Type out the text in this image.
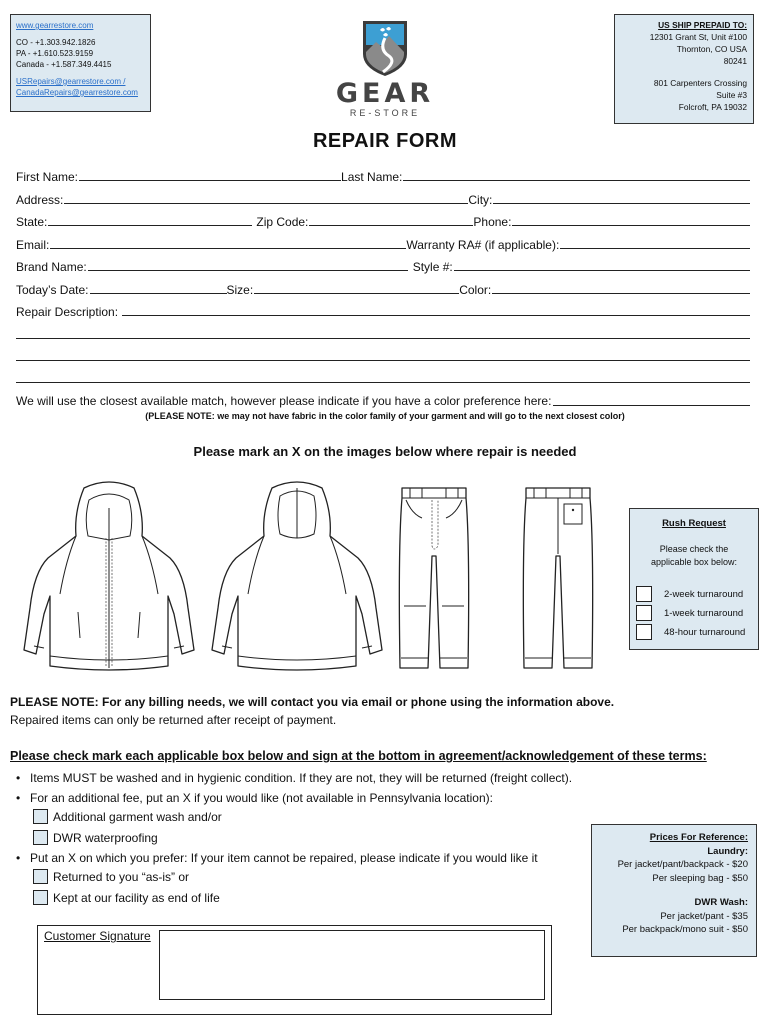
www.gearrestore.com
CO - +1.303.942.1826
PA - +1.610.523.9159
Canada - +1.587.349.4415
USRepairs@gearrestore.com /
CanadaRepairs@gearrestore.com	GEAR
RE-STORE
US SHIP PREPAID TO:
12301 Grant St, Unit #100
Thornton, CO USA
80241
801 Carpenters Crossing
Suite #3
Folcroft, PA 19032
REPAIR FORM
First Name:	Last Name:
Address:	City:
State:	Zip Code:	Phone:
Email:	Warranty RA# (if applicable):
Brand Name:	Style #:
Today’s Date:	Size:	Color:
Repair Description:
We will use the closest available match, however please indicate if you have a color preference here:
(PLEASE NOTE: we may not have fabric in the color family of your garment and will go to the next closest color)
Please mark an X on the images below where repair is needed
Rush Request
Please check the
applicable box below:
2-week turnaround
1-week turnaround
48-hour turnaround
PLEASE NOTE: For any billing needs, we will contact you via email or phone using the information above.
Repaired items can only be returned after receipt of payment.
Please check mark each applicable box below and sign at the bottom in agreement/acknowledgement of these terms:
• Items MUST be washed and in hygienic condition. If they are not, they will be returned (freight collect).
• For an additional fee, put an X if you would like (not available in Pennsylvania location):
Additional garment wash and/or
DWR waterproofing
• Put an X on which you prefer: If your item cannot be repaired, please indicate if you would like it
Returned to you “as-is” or
Kept at our facility as end of life
Prices For Reference:
Laundry:
Per jacket/pant/backpack - $20
Per sleeping bag - $50
DWR Wash:
Per jacket/pant - $35
Per backpack/mono suit - $50
Customer Signature
